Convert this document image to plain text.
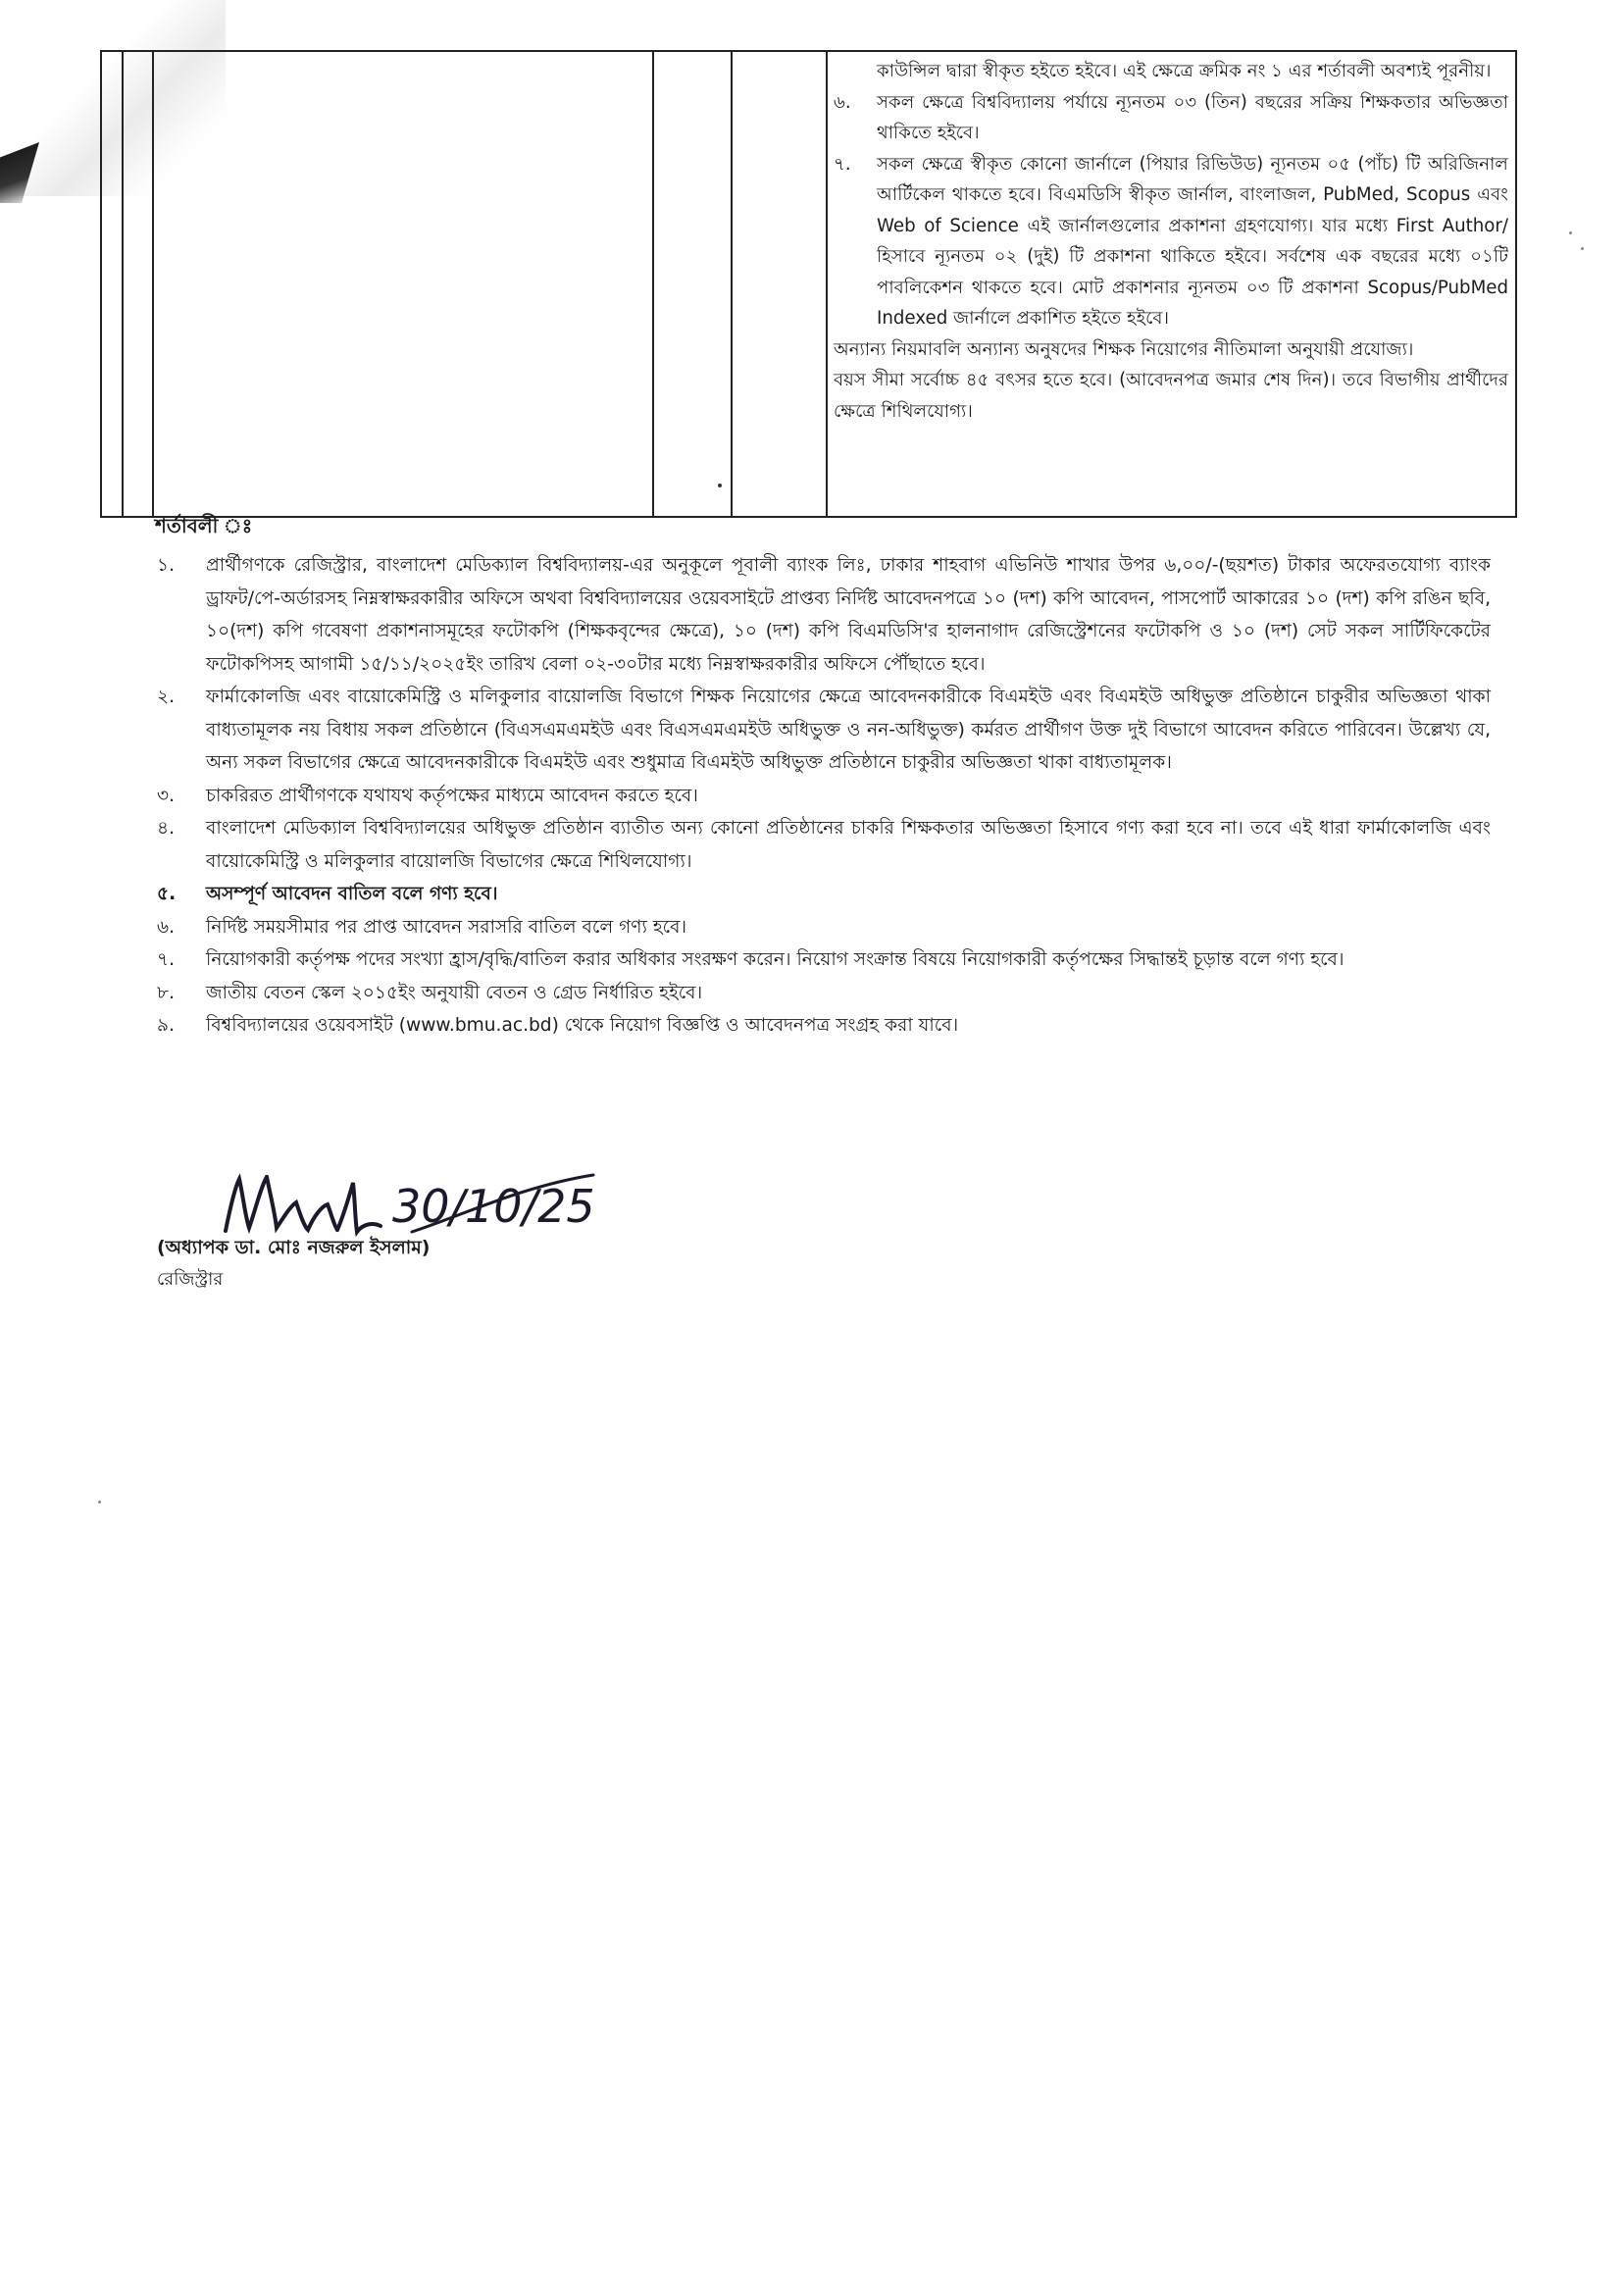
কাউন্সিল দ্বারা স্বীকৃত হইতে হইবে। এই ক্ষেত্রে ক্রমিক নং ১ এর শর্তাবলী অবশ্যই পূরনীয়।
৬.	সকল ক্ষেত্রে বিশ্ববিদ্যালয় পর্যায়ে ন্যূনতম ০৩ (তিন) বছরের সক্রিয় শিক্ষকতার অভিজ্ঞতা থাকিতে হইবে।
৭.	সকল ক্ষেত্রে স্বীকৃত কোনো জার্নালে (পিয়ার রিভিউড) ন্যূনতম ০৫ (পাঁচ) টি অরিজিনাল আর্টিকেল থাকতে হবে। বিএমডিসি স্বীকৃত জার্নাল, বাংলাজল, PubMed, Scopus এবং Web of Science এই জার্নালগুলোর প্রকাশনা গ্রহণযোগ্য। যার মধ্যে First Author/ হিসাবে ন্যূনতম ০২ (দুই) টি প্রকাশনা থাকিতে হইবে। সর্বশেষ এক বছরের মধ্যে ০১টি পাবলিকেশন থাকতে হবে। মোট প্রকাশনার ন্যূনতম ০৩ টি প্রকাশনা Scopus/PubMed Indexed জার্নালে প্রকাশিত হইতে হইবে।
অন্যান্য নিয়মাবলি অন্যান্য অনুষদের শিক্ষক নিয়োগের নীতিমালা অনুযায়ী প্রযোজ্য।
বয়স সীমা সর্বোচ্চ ৪৫ বৎসর হতে হবে। (আবেদনপত্র জমার শেষ দিন)। তবে বিভাগীয় প্রার্থীদের ক্ষেত্রে শিথিলযোগ্য।
শর্তাবলী ঃ
১.	প্রার্থীগণকে রেজিস্ট্রার, বাংলাদেশ মেডিক্যাল বিশ্ববিদ্যালয়-এর অনুকূলে পূবালী ব্যাংক লিঃ, ঢাকার শাহবাগ এভিনিউ শাখার উপর ৬,০০/-(ছয়শত) টাকার অফেরতযোগ্য ব্যাংক ড্রাফট/পে-অর্ডারসহ নিম্নস্বাক্ষরকারীর অফিসে অথবা বিশ্ববিদ্যালয়ের ওয়েবসাইটে প্রাপ্তব্য নির্দিষ্ট আবেদনপত্রে ১০ (দশ) কপি আবেদন, পাসপোর্ট আকারের ১০ (দশ) কপি রঙিন ছবি, ১০(দশ) কপি গবেষণা প্রকাশনাসমূহের ফটোকপি (শিক্ষকবৃন্দের ক্ষেত্রে), ১০ (দশ) কপি বিএমডিসি'র হালনাগাদ রেজিস্ট্রেশনের ফটোকপি ও ১০ (দশ) সেট সকল সার্টিফিকেটের ফটোকপিসহ আগামী ১৫/১১/২০২৫ইং তারিখ বেলা ০২-৩০টার মধ্যে নিম্নস্বাক্ষরকারীর অফিসে পৌঁছাতে হবে।
২.	ফার্মাকোলজি এবং বায়োকেমিস্ট্রি ও মলিকুলার বায়োলজি বিভাগে শিক্ষক নিয়োগের ক্ষেত্রে আবেদনকারীকে বিএমইউ এবং বিএমইউ অধিভুক্ত প্রতিষ্ঠানে চাকুরীর অভিজ্ঞতা থাকা বাধ্যতামূলক নয় বিধায় সকল প্রতিষ্ঠানে (বিএসএমএমইউ এবং বিএসএমএমইউ অধিভুক্ত ও নন-অধিভুক্ত) কর্মরত প্রার্থীগণ উক্ত দুই বিভাগে আবেদন করিতে পারিবেন। উল্লেখ্য যে, অন্য সকল বিভাগের ক্ষেত্রে আবেদনকারীকে বিএমইউ এবং শুধুমাত্র বিএমইউ অধিভুক্ত প্রতিষ্ঠানে চাকুরীর অভিজ্ঞতা থাকা বাধ্যতামূলক।
৩.	চাকরিরত প্রার্থীগণকে যথাযথ কর্তৃপক্ষের মাধ্যমে আবেদন করতে হবে।
৪.	বাংলাদেশ মেডিক্যাল বিশ্ববিদ্যালয়ের অধিভুক্ত প্রতিষ্ঠান ব্যাতীত অন্য কোনো প্রতিষ্ঠানের চাকরি শিক্ষকতার অভিজ্ঞতা হিসাবে গণ্য করা হবে না। তবে এই ধারা ফার্মাকোলজি এবং বায়োকেমিস্ট্রি ও মলিকুলার বায়োলজি বিভাগের ক্ষেত্রে শিথিলযোগ্য।
৫.	অসম্পূর্ণ আবেদন বাতিল বলে গণ্য হবে।
৬.	নির্দিষ্ট সময়সীমার পর প্রাপ্ত আবেদন সরাসরি বাতিল বলে গণ্য হবে।
৭.	নিয়োগকারী কর্তৃপক্ষ পদের সংখ্যা হ্রাস/বৃদ্ধি/বাতিল করার অধিকার সংরক্ষণ করেন। নিয়োগ সংক্রান্ত বিষয়ে নিয়োগকারী কর্তৃপক্ষের সিদ্ধান্তই চূড়ান্ত বলে গণ্য হবে।
৮.	জাতীয় বেতন স্কেল ২০১৫ইং অনুযায়ী বেতন ও গ্রেড নির্ধারিত হইবে।
৯.	বিশ্ববিদ্যালয়ের ওয়েবসাইট (www.bmu.ac.bd) থেকে নিয়োগ বিজ্ঞপ্তি ও আবেদনপত্র সংগ্রহ করা যাবে।
30/10/25
(অধ্যাপক ডা. মোঃ নজরুল ইসলাম)
রেজিস্ট্রার
